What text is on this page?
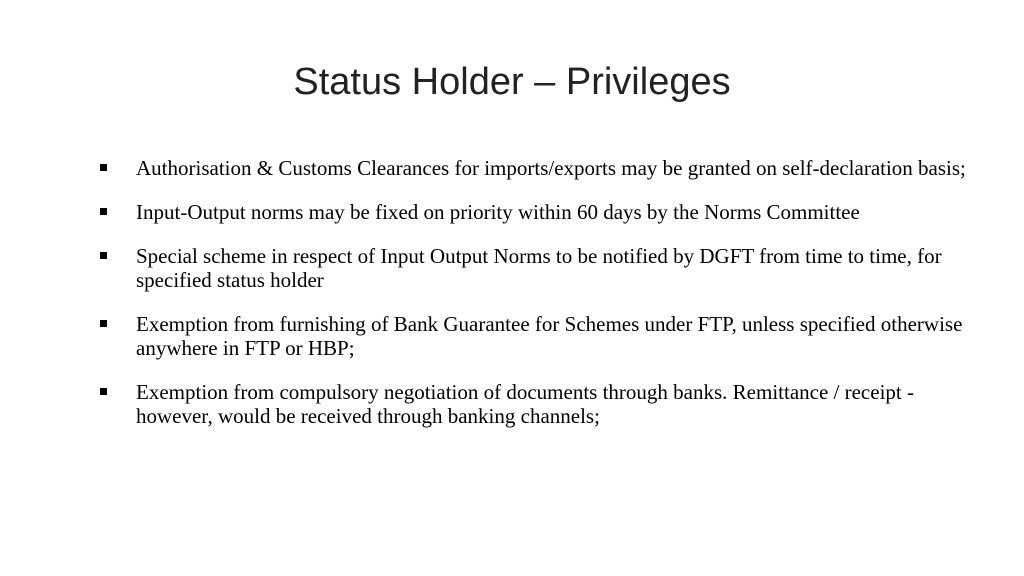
Status Holder – Privileges
Authorisation & Customs Clearances for imports/exports may be granted on self-declaration basis;
Input-Output norms may be fixed on priority within 60 days by the Norms Committee
Special scheme in respect of Input Output Norms to be notified by DGFT from time to time, for specified status holder
Exemption from furnishing of Bank Guarantee for Schemes under FTP, unless specified otherwise anywhere in FTP or HBP;
Exemption from compulsory negotiation of documents through banks. Remittance / receipt - however, would be received through banking channels;
